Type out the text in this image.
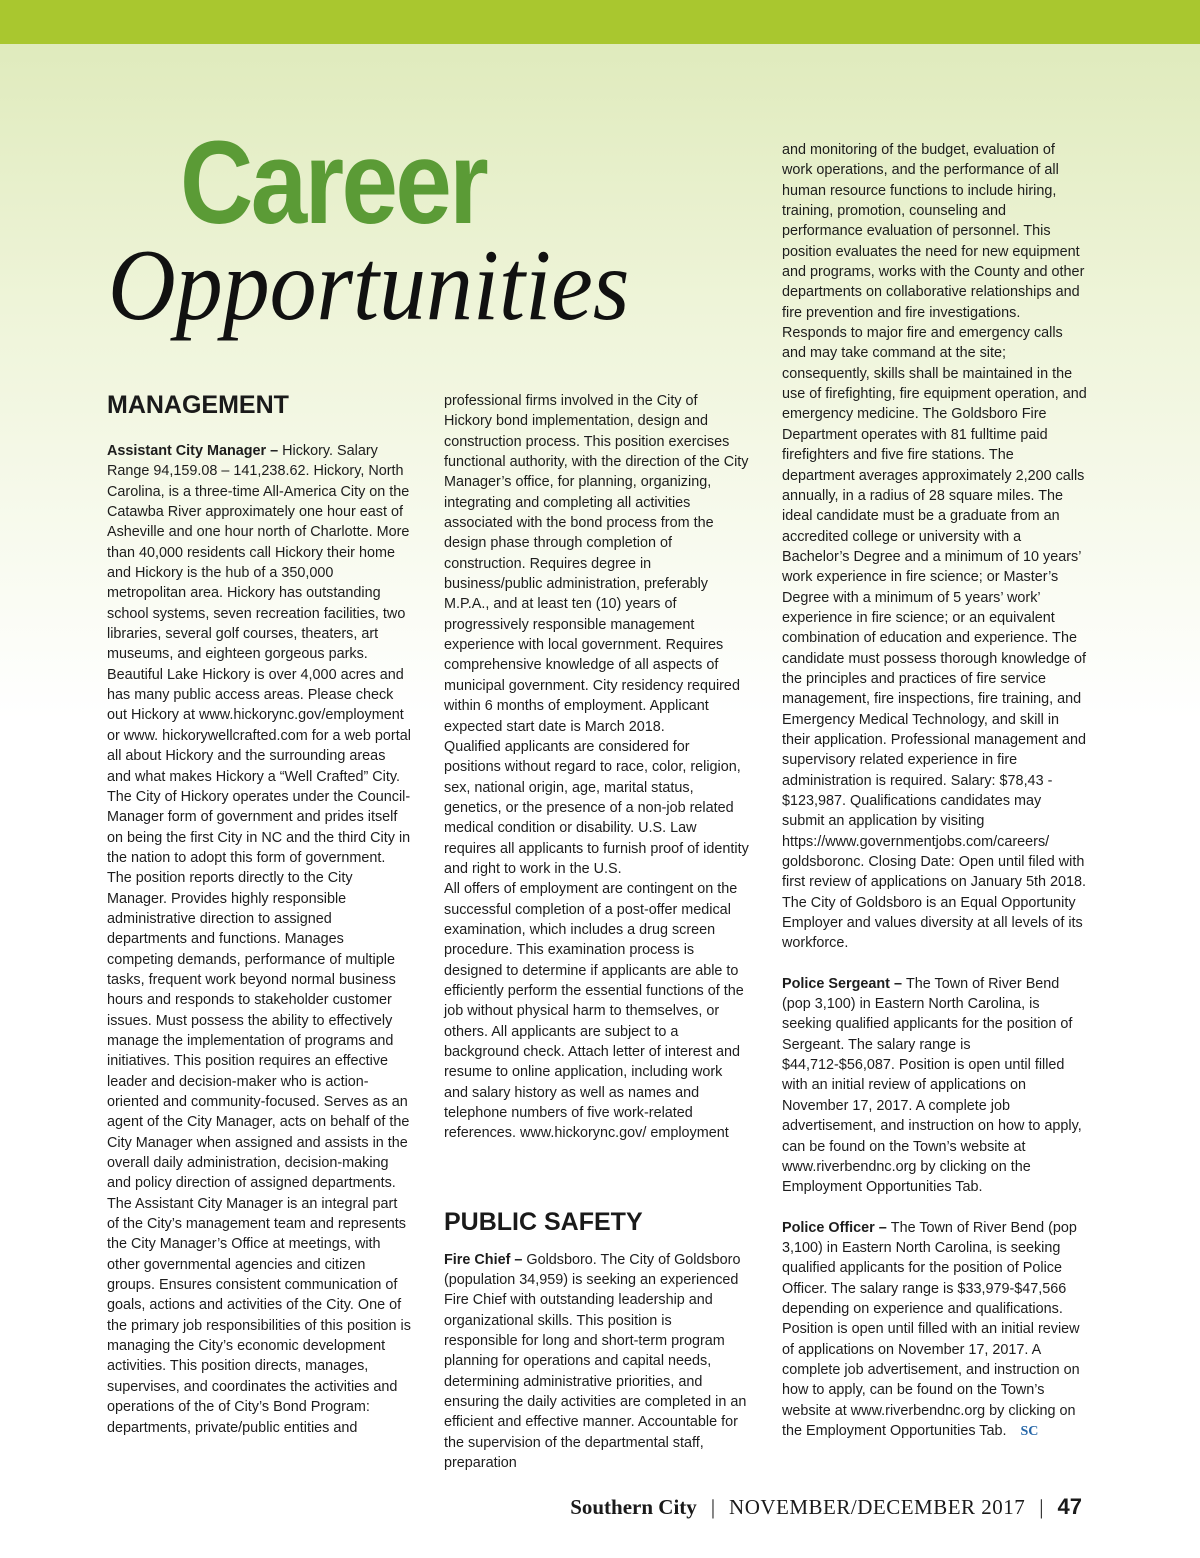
Career
Opportunities
MANAGEMENT

Assistant City Manager – Hickory. Salary Range 94,159.08 – 141,238.62. Hickory, North Carolina, is a three-time All-America City on the Catawba River approximately one hour east of Asheville and one hour north of Charlotte. More than 40,000 residents call Hickory their home and Hickory is the hub of a 350,000 metropolitan area. Hickory has outstanding school systems, seven recreation facilities, two libraries, several golf courses, theaters, art museums, and eighteen gorgeous parks. Beautiful Lake Hickory is over 4,000 acres and has many public access areas. Please check out Hickory at www.hickorync.gov/employment or www. hickorywellcrafted.com for a web portal all about Hickory and the surrounding areas and what makes Hickory a “Well Crafted” City. The City of Hickory operates under the Council-Manager form of government and prides itself on being the first City in NC and the third City in the nation to adopt this form of government. The position reports directly to the City Manager. Provides highly responsible administrative direction to assigned departments and functions. Manages competing demands, performance of multiple tasks, frequent work beyond normal business hours and responds to stakeholder customer issues. Must possess the ability to effectively manage the implementation of programs and initiatives. This position requires an effective leader and decision-maker who is action-oriented and community-focused. Serves as an agent of the City Manager, acts on behalf of the City Manager when assigned and assists in the overall daily administration, decision-making and policy direction of assigned departments. The Assistant City Manager is an integral part of the City’s management team and represents the City Manager’s Office at meetings, with other governmental agencies and citizen groups. Ensures consistent communication of goals, actions and activities of the City. One of the primary job responsibilities of this position is managing the City’s economic development activities. This position directs, manages, supervises, and coordinates the activities and operations of the of City’s Bond Program: departments, private/public entities and

professional firms involved in the City of Hickory bond implementation, design and construction process. This position exercises functional authority, with the direction of the City Manager’s office, for planning, organizing, integrating and completing all activities associated with the bond process from the design phase through completion of construction. Requires degree in business/public administration, preferably M.P.A., and at least ten (10) years of progressively responsible management experience with local government. Requires comprehensive knowledge of all aspects of municipal government. City residency required within 6 months of employment. Applicant expected start date is March 2018.

Qualified applicants are considered for positions without regard to race, color, religion, sex, national origin, age, marital status, genetics, or the presence of a non-job related medical condition or disability. U.S. Law requires all applicants to furnish proof of identity and right to work in the U.S.

All offers of employment are contingent on the successful completion of a post-offer medical examination, which includes a drug screen procedure. This examination process is designed to determine if applicants are able to efficiently perform the essential functions of the job without physical harm to themselves, or others. All applicants are subject to a background check. Attach letter of interest and resume to online application, including work and salary history as well as names and telephone numbers of five work-related references. www.hickorync.gov/ employment

PUBLIC SAFETY

Fire Chief – Goldsboro. The City of Goldsboro (population 34,959) is seeking an experienced Fire Chief with outstanding leadership and organizational skills. This position is responsible for long and short-term program planning for operations and capital needs, determining administrative priorities, and ensuring the daily activities are completed in an efficient and effective manner. Accountable for the supervision of the departmental staff, preparation

and monitoring of the budget, evaluation of work operations, and the performance of all human resource functions to include hiring, training, promotion, counseling and performance evaluation of personnel. This position evaluates the need for new equipment and programs, works with the County and other departments on collaborative relationships and fire prevention and fire investigations. Responds to major fire and emergency calls and may take command at the site; consequently, skills shall be maintained in the use of firefighting, fire equipment operation, and emergency medicine. The Goldsboro Fire Department operates with 81 fulltime paid firefighters and five fire stations. The department averages approximately 2,200 calls annually, in a radius of 28 square miles. The ideal candidate must be a graduate from an accredited college or university with a Bachelor’s Degree and a minimum of 10 years’ work experience in fire science; or Master’s Degree with a minimum of 5 years’ work’ experience in fire science; or an equivalent combination of education and experience. The candidate must possess thorough knowledge of the principles and practices of fire service management, fire inspections, fire training, and Emergency Medical Technology, and skill in their application. Professional management and supervisory related experience in fire administration is required. Salary: $78,43 - $123,987. Qualifications candidates may submit an application by visiting https://www.governmentjobs.com/careers/ goldsboronc. Closing Date: Open until filed with first review of applications on January 5th 2018. The City of Goldsboro is an Equal Opportunity Employer and values diversity at all levels of its workforce.

Police Sergeant – The Town of River Bend (pop 3,100) in Eastern North Carolina, is seeking qualified applicants for the position of Sergeant. The salary range is $44,712-$56,087. Position is open until filled with an initial review of applications on November 17, 2017. A complete job advertisement, and instruction on how to apply, can be found on the Town’s website at www.riverbendnc.org by clicking on the Employment Opportunities Tab.

Police Officer – The Town of River Bend (pop 3,100) in Eastern North Carolina, is seeking qualified applicants for the position of Police Officer. The salary range is $33,979-$47,566 depending on experience and qualifications. Position is open until filled with an initial review of applications on November 17, 2017. A complete job advertisement, and instruction on how to apply, can be found on the Town’s website at www.riverbendnc.org by clicking on the Employment Opportunities Tab. SC

Southern City | NOVEMBER/DECEMBER 2017 | 47
